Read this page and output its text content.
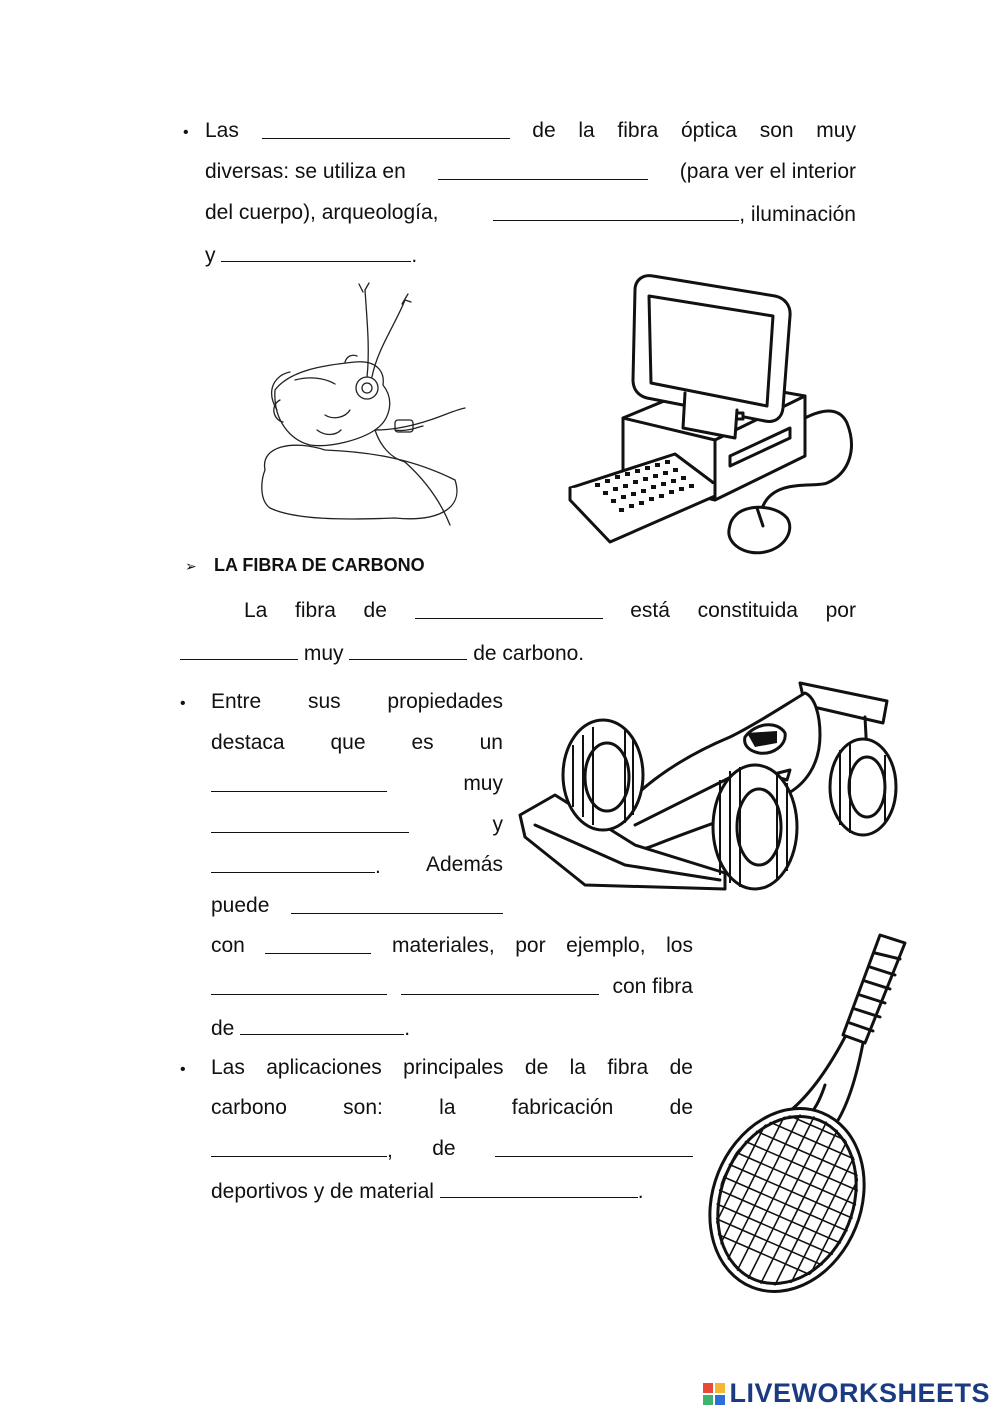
• Las	de la fibra óptica son muy
diversas: se utiliza en	(para ver el interior
del cuerpo), arqueología,	, iluminación
y	.
➢ LA FIBRA DE CARBONO
La fibra de	está constituida por
muy	de carbono.
• Entre sus propiedades
destaca que es un
muy
y
. Además
puede
con	materiales, por ejemplo, los
con fibra
de	.
• Las aplicaciones principales de la fibra de
carbono	son:	la	fabricación	de
, de
deportivos y de material	.
LIVEWORKSHEETS
